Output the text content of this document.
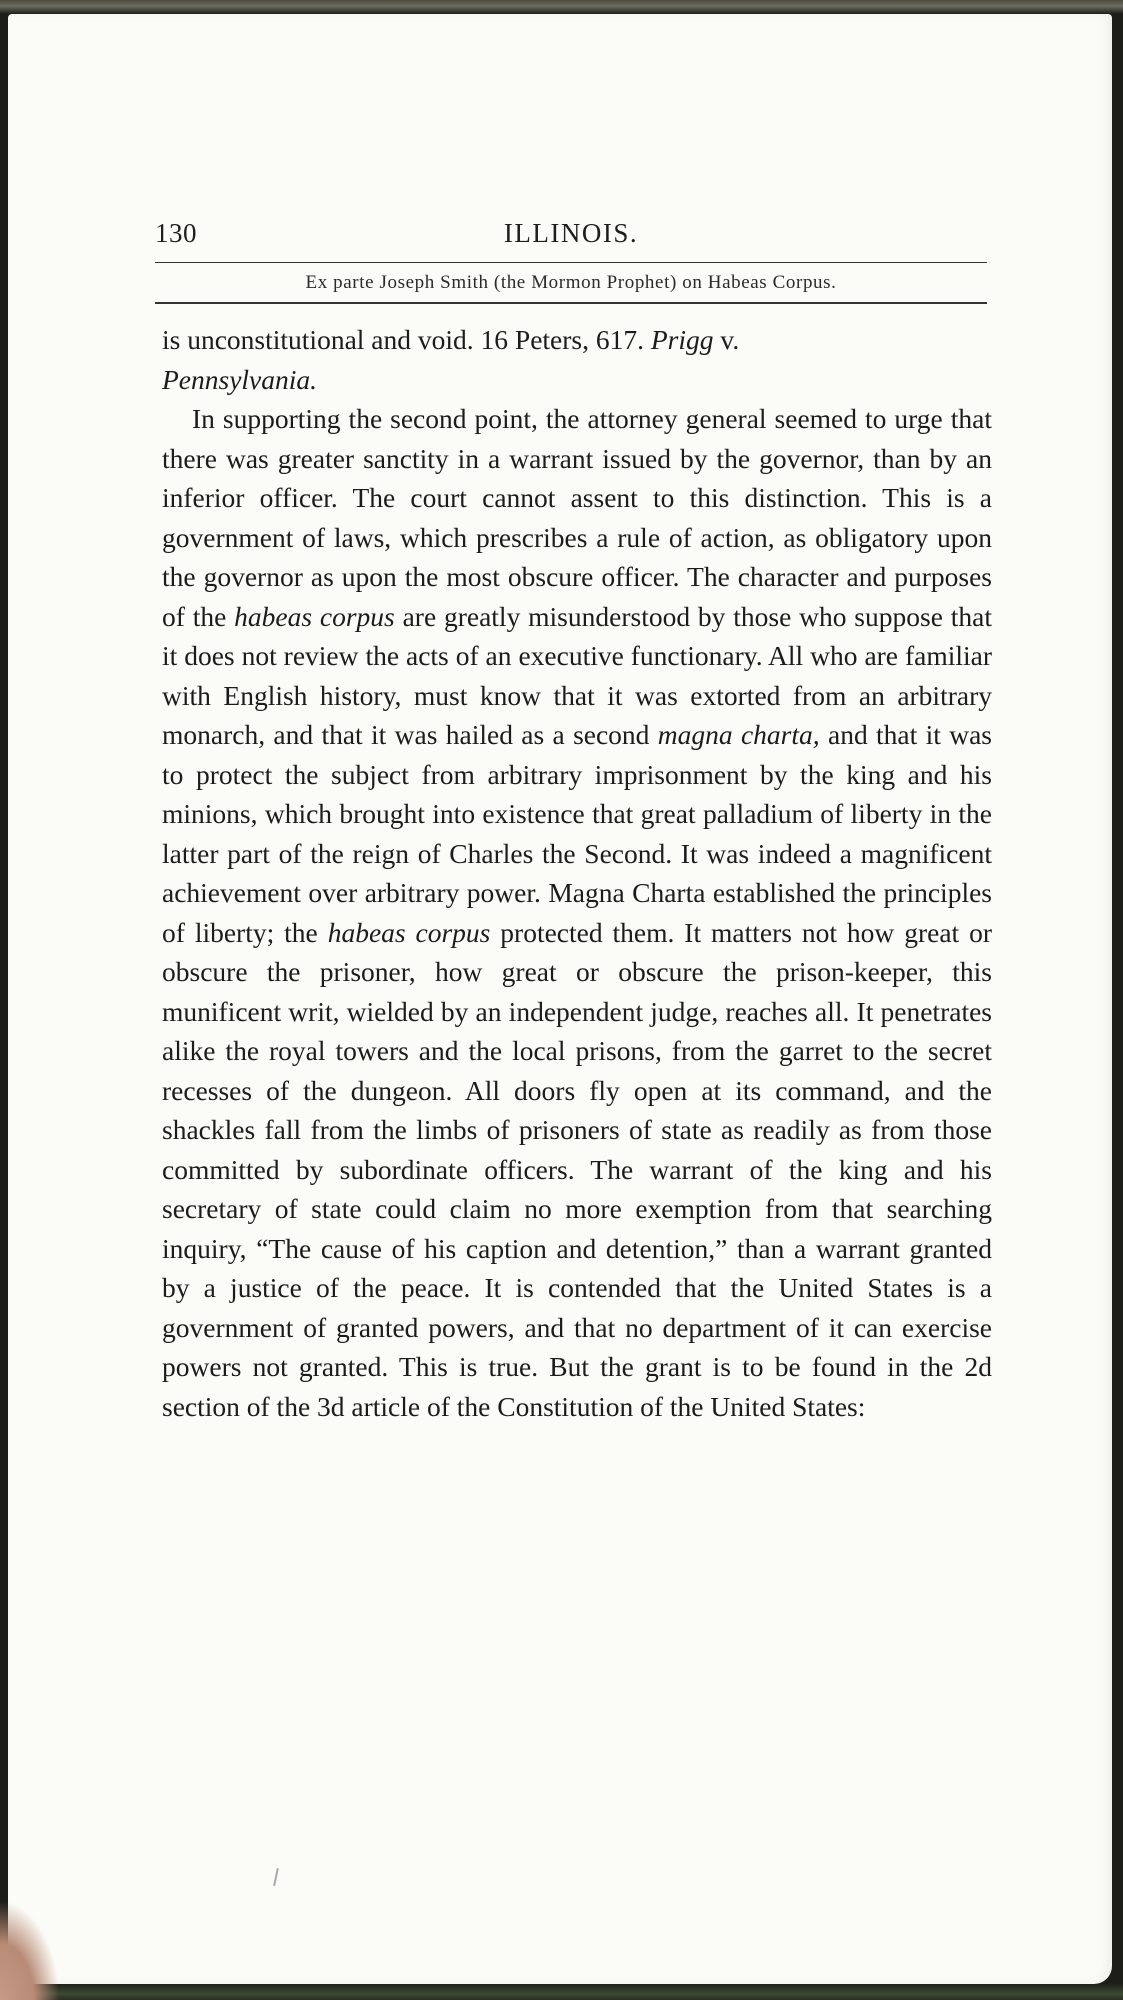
130	ILLINOIS.
Ex parte Joseph Smith (the Mormon Prophet) on Habeas Corpus.

is unconstitutional and void. 16 Peters, 617. Prigg v.
Pennsylvania.

In supporting the second point, the attorney general seemed to urge that there was greater sanctity in a warrant issued by the governor, than by an inferior officer. The court cannot assent to this distinction. This is a government of laws, which prescribes a rule of action, as obligatory upon the governor as upon the most obscure officer. The character and purposes of the habeas corpus are greatly misunderstood by those who suppose that it does not review the acts of an executive functionary. All who are familiar with English history, must know that it was extorted from an arbitrary monarch, and that it was hailed as a second magna charta, and that it was to protect the subject from arbitrary imprisonment by the king and his minions, which brought into existence that great palladium of liberty in the latter part of the reign of Charles the Second. It was indeed a magnificent achievement over arbitrary power. Magna Charta established the principles of liberty; the habeas corpus protected them. It matters not how great or obscure the prisoner, how great or obscure the prison-keeper, this munificent writ, wielded by an independent judge, reaches all. It penetrates alike the royal towers and the local prisons, from the garret to the secret recesses of the dungeon. All doors fly open at its command, and the shackles fall from the limbs of prisoners of state as readily as from those committed by subordinate officers. The warrant of the king and his secretary of state could claim no more exemption from that searching inquiry, “The cause of his caption and detention,” than a warrant granted by a justice of the peace. It is contended that the United States is a government of granted powers, and that no department of it can exercise powers not granted. This is true. But the grant is to be found in the 2d section of the 3d article of the Constitution of the United States:
